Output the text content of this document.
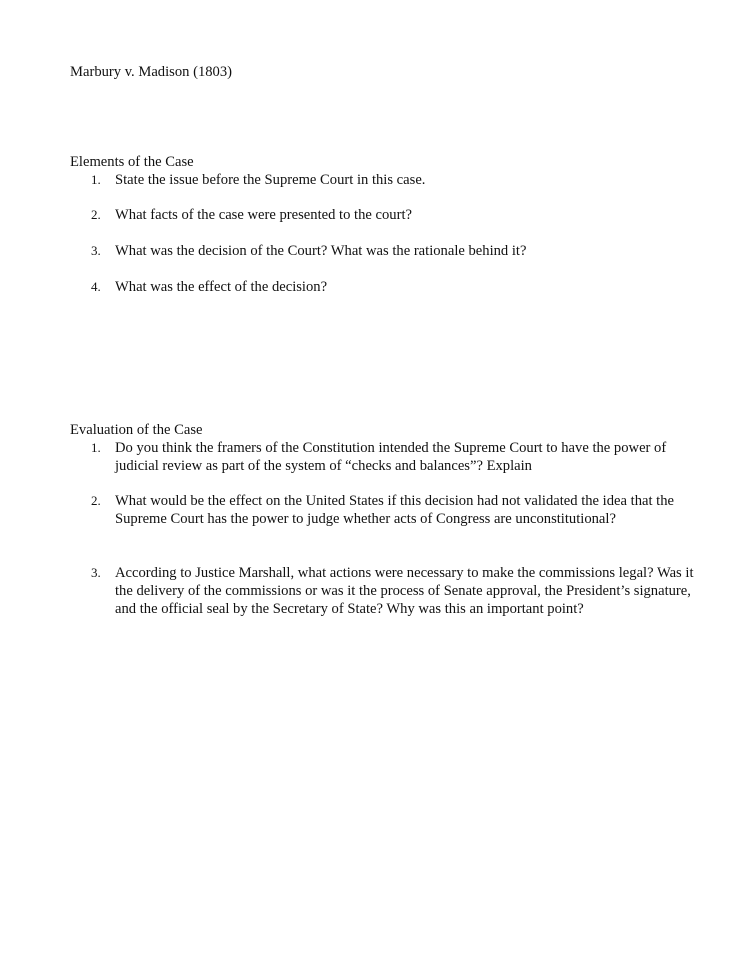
Marbury v. Madison (1803)
Elements of the Case
1. State the issue before the Supreme Court in this case.
2. What facts of the case were presented to the court?
3. What was the decision of the Court? What was the rationale behind it?
4. What was the effect of the decision?
Evaluation of the Case
1. Do you think the framers of the Constitution intended the Supreme Court to have the power of judicial review as part of the system of “checks and balances”? Explain
2. What would be the effect on the United States if this decision had not validated the idea that the Supreme Court has the power to judge whether acts of Congress are unconstitutional?
3. According to Justice Marshall, what actions were necessary to make the commissions legal? Was it the delivery of the commissions or was it the process of Senate approval, the President’s signature, and the official seal by the Secretary of State? Why was this an important point?
